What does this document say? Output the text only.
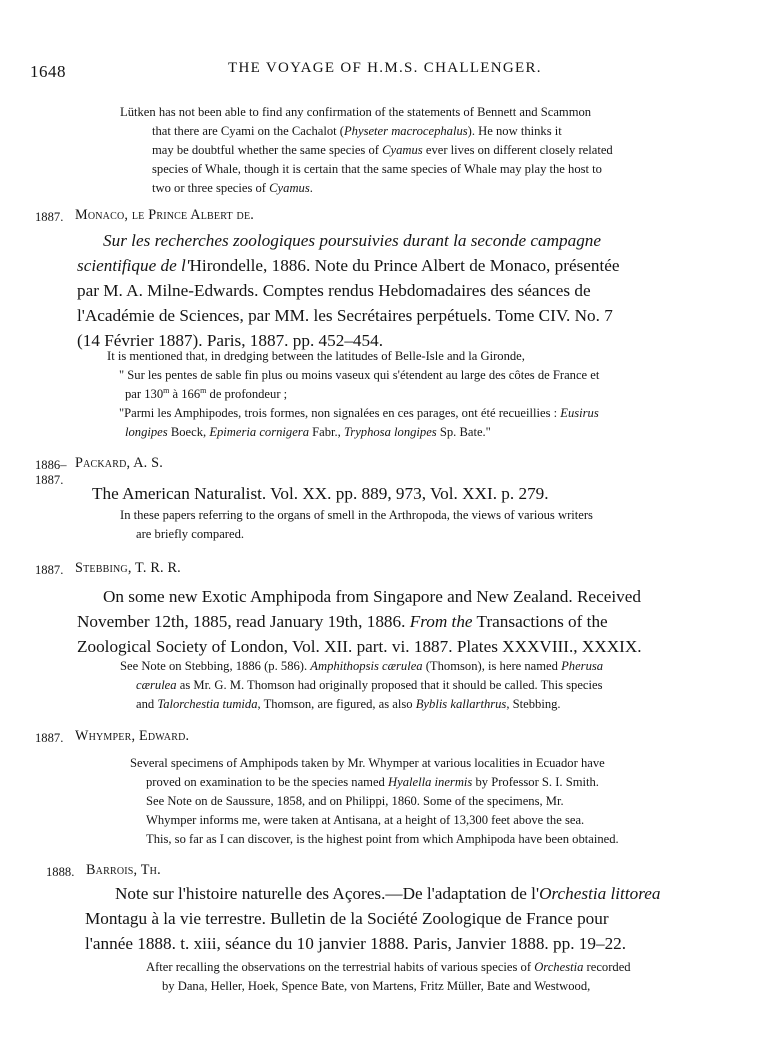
1648	THE VOYAGE OF H.M.S. CHALLENGER.
Lütken has not been able to find any confirmation of the statements of Bennett and Scammon
that there are Cyami on the Cachalot (Physeter macrocephalus). He now thinks it
may be doubtful whether the same species of Cyamus ever lives on different closely related
species of Whale, though it is certain that the same species of Whale may play the host to
two or three species of Cyamus.
1887. Monaco, le Prince Albert de.
Sur les recherches zoologiques poursuivies durant la seconde campagne
scientifique de l'Hirondelle, 1886. Note du Prince Albert de Monaco, présentée
par M. A. Milne-Edwards. Comptes rendus Hebdomadaires des séances de
l'Académie de Sciences, par MM. les Secrétaires perpétuels. Tome CIV. No. 7
(14 Février 1887). Paris, 1887. pp. 452–454.
It is mentioned that, in dredging between the latitudes of Belle-Isle and la Gironde,
" Sur les pentes de sable fin plus ou moins vaseux qui s'étendent au large des côtes de France et
par 130$^m$ à 166$^m$ de profondeur ;
"Parmi les Amphipodes, trois formes, non signalées en ces parages, ont été recueillies : Eusirus
longipes Boeck, Epimeria cornigera Fabr., Tryphosa longipes Sp. Bate."
1886–
1887.
Packard, A. S.
The American Naturalist. Vol. XX. pp. 889, 973, Vol. XXI. p. 279.
In these papers referring to the organs of smell in the Arthropoda, the views of various writers
are briefly compared.
1887. Stebbing, T. R. R.
On some new Exotic Amphipoda from Singapore and New Zealand. Received
November 12th, 1885, read January 19th, 1886. From the Transactions of the
Zoological Society of London, Vol. XII. part. vi. 1887. Plates XXXVIII., XXXIX.
See Note on Stebbing, 1886 (p. 586). Amphithopsis cærulea (Thomson), is here named Pherusa
cærulea as Mr. G. M. Thomson had originally proposed that it should be called. This species
and Talorchestia tumida, Thomson, are figured, as also Byblis kallarthrus, Stebbing.
1887. Whymper, Edward.
Several specimens of Amphipods taken by Mr. Whymper at various localities in Ecuador have
proved on examination to be the species named Hyalella inermis by Professor S. I. Smith.
See Note on de Saussure, 1858, and on Philippi, 1860. Some of the specimens, Mr.
Whymper informs me, were taken at Antisana, at a height of 13,300 feet above the sea.
This, so far as I can discover, is the highest point from which Amphipoda have been obtained.
1888. Barrois, Th.
Note sur l'histoire naturelle des Açores.—De l'adaptation de l'Orchestia littorea
Montagu à la vie terrestre. Bulletin de la Société Zoologique de France pour
l'année 1888. t. xiii, séance du 10 janvier 1888. Paris, Janvier 1888. pp. 19–22.
After recalling the observations on the terrestrial habits of various species of Orchestia recorded
by Dana, Heller, Hoek, Spence Bate, von Martens, Fritz Müller, Bate and Westwood,
